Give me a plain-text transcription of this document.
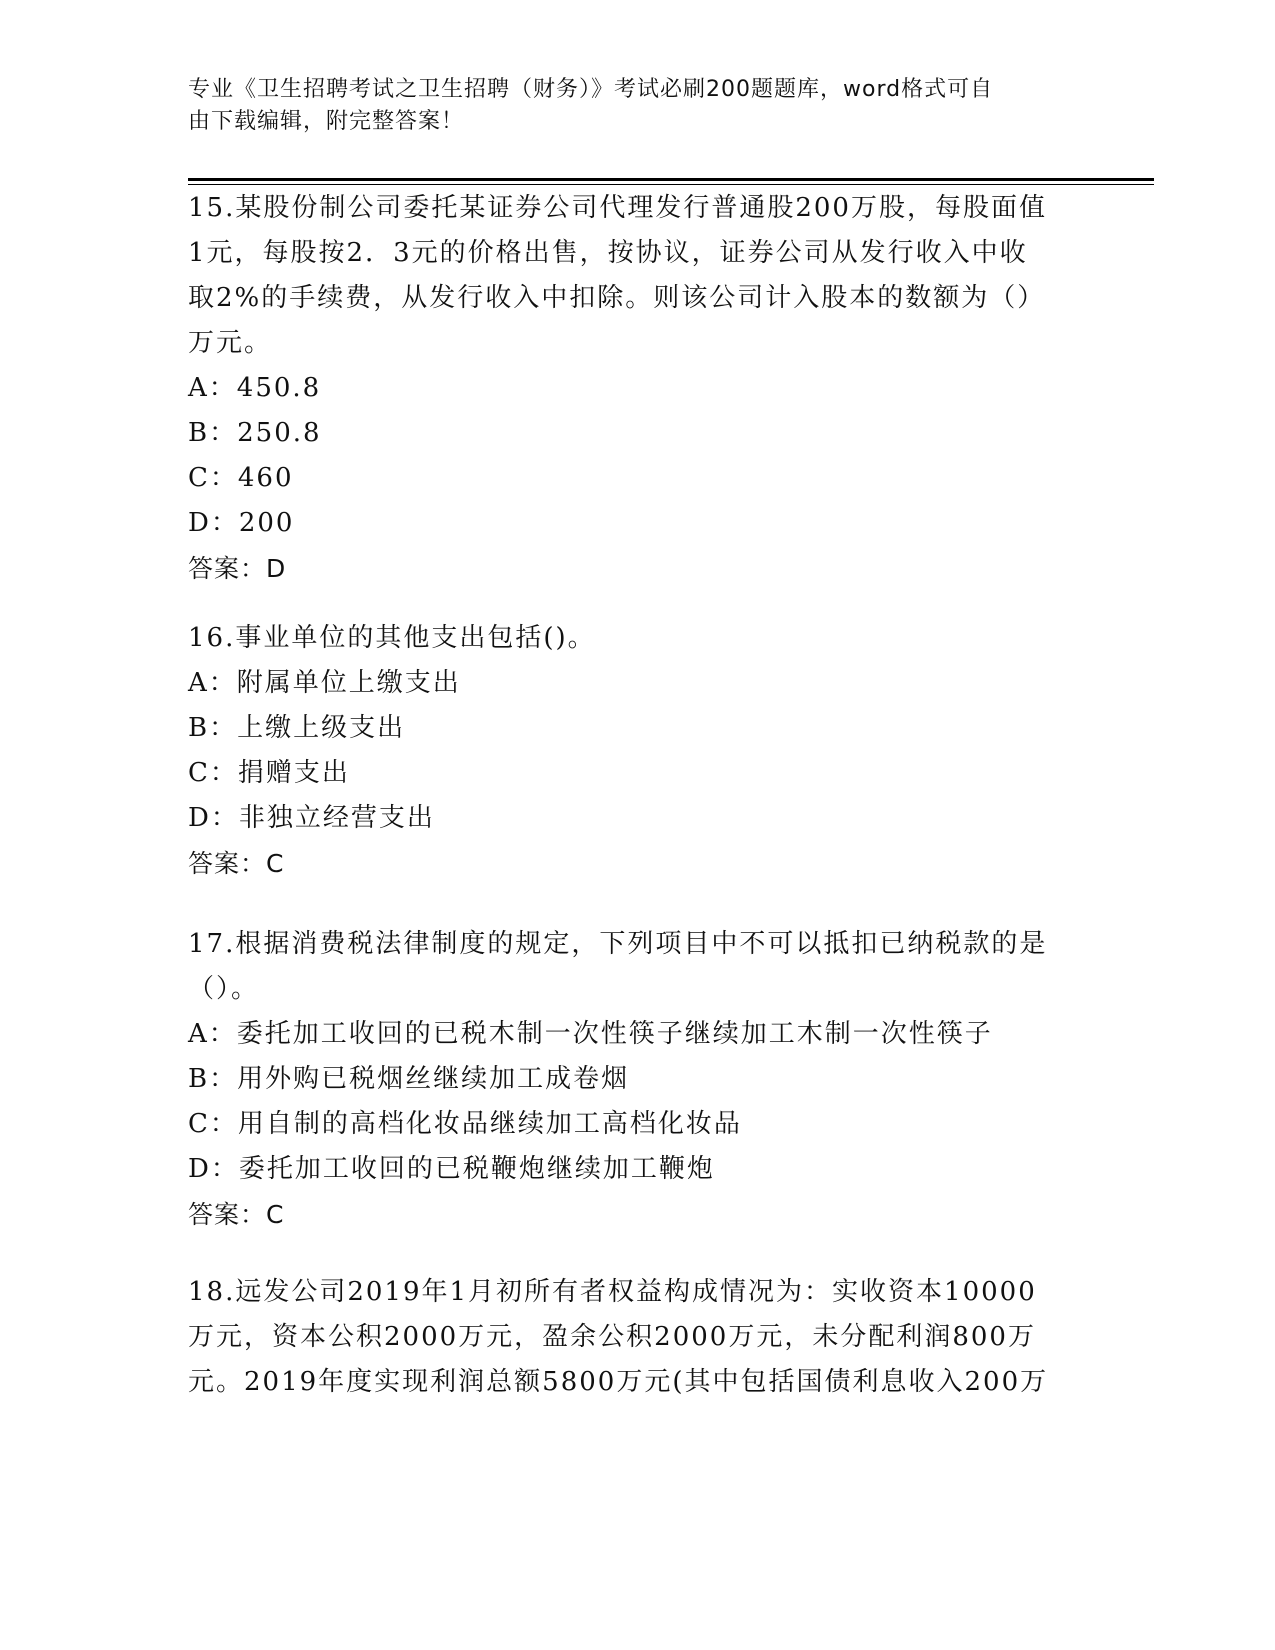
专业《卫生招聘考试之卫生招聘（财务）》考试必刷200题题库，word格式可自
由下载编辑，附完整答案！

15.某股份制公司委托某证券公司代理发行普通股200万股，每股面值

1元，每股按2．3元的价格出售，按协议，证券公司从发行收入中收

取2%的手续费，从发行收入中扣除。则该公司计入股本的数额为（）

万元。

A：450.8

B：250.8

C：460

D：200

答案：D

16.事业单位的其他支出包括()。

A：附属单位上缴支出

B：上缴上级支出

C：捐赠支出

D：非独立经营支出

答案：C

17.根据消费税法律制度的规定，下列项目中不可以抵扣已纳税款的是

（）。

A：委托加工收回的已税木制一次性筷子继续加工木制一次性筷子

B：用外购已税烟丝继续加工成卷烟

C：用自制的高档化妆品继续加工高档化妆品

D：委托加工收回的已税鞭炮继续加工鞭炮

答案：C

18.远发公司2019年1月初所有者权益构成情况为：实收资本10000

万元，资本公积2000万元，盈余公积2000万元，未分配利润800万

元。2019年度实现利润总额5800万元(其中包括国债利息收入200万
